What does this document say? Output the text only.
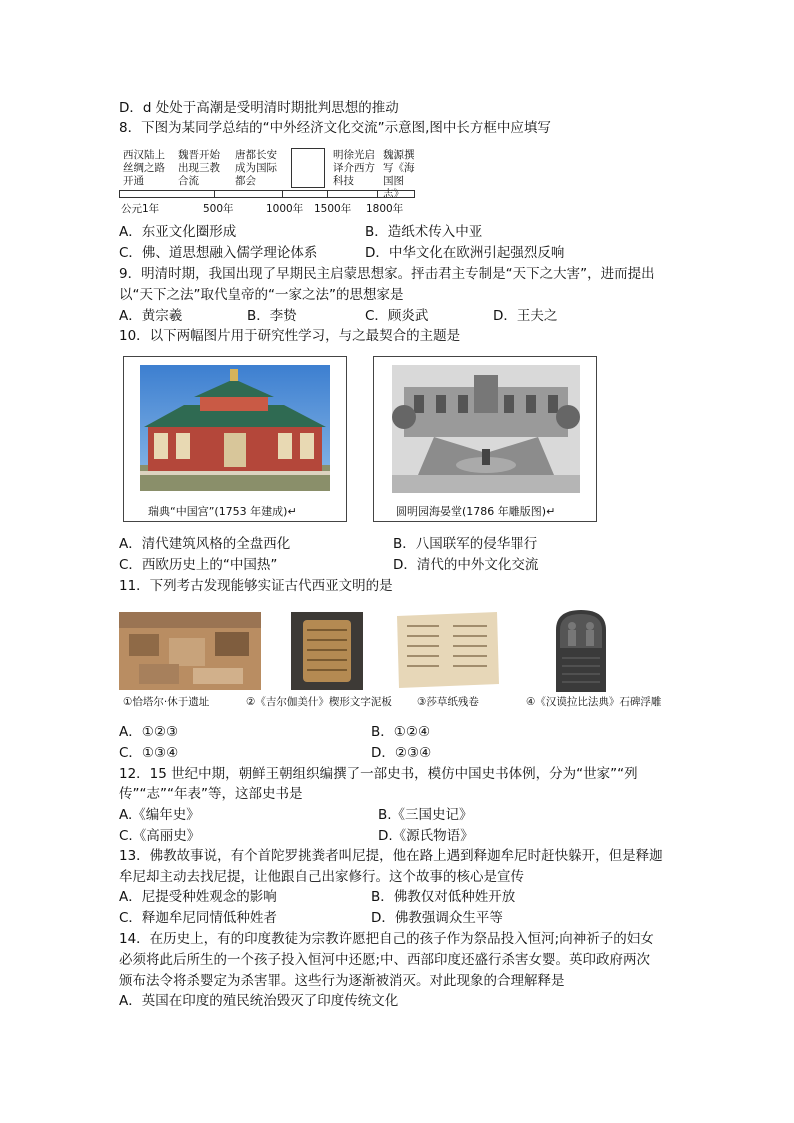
D．d 处处于高潮是受明清时期批判思想的推动
8．下图为某同学总结的“中外经济文化交流”示意图,图中长方框中应填写
西汉陆上
丝绸之路
开通
魏晋开始
出现三教
合流
唐都长安
成为国际
都会
明徐光启
译介西方
科技
魏源撰
写《海
国图志》
公元1年	500年	1000年 1500年 1800年
A．东亚文化圈形成	B．造纸术传入中亚
C．佛、道思想融入儒学理论体系	D．中华文化在欧洲引起强烈反响
9．明清时期，我国出现了早期民主启蒙思想家。抨击君主专制是“天下之大害”，进而提出
以“天下之法”取代皇帝的“一家之法”的思想家是
A．黄宗羲	B．李贽	C．顾炎武	D．王夫之
10．以下两幅图片用于研究性学习，与之最契合的主题是
瑞典“中国宫”(1753 年建成)↵	圆明园海晏堂(1786 年雕版图)↵
A．清代建筑风格的全盘西化	B．八国联军的侵华罪行
C．西欧历史上的“中国热”	D．清代的中外文化交流
11．下列考古发现能够实证古代西亚文明的是
①恰塔尔·休于遗址	②《吉尔伽美什》楔形文字泥板 ③莎草纸残卷	④《汉谟拉比法典》石碑浮雕
A．①②③	B．①②④
C．①③④	D．②③④
12．15 世纪中期，朝鲜王朝组织编撰了一部史书，模仿中国史书体例，分为“世家”“列
传”“志”“年表”等，这部史书是
A.《编年史》	B.《三国史记》
C.《高丽史》	D.《源氏物语》
13．佛教故事说，有个首陀罗挑粪者叫尼提，他在路上遇到释迦牟尼时赶快躲开，但是释迦
牟尼却主动去找尼提，让他跟自己出家修行。这个故事的核心是宣传
A．尼提受种姓观念的影响	B．佛教仅对低种姓开放
C．释迦牟尼同情低种姓者	D．佛教强调众生平等
14．在历史上，有的印度教徒为宗教许愿把自己的孩子作为祭品投入恒河;向神祈子的妇女
必须将此后所生的一个孩子投入恒河中还愿;中、西部印度还盛行杀害女婴。英印政府两次
颁布法令将杀婴定为杀害罪。这些行为逐渐被消灭。对此现象的合理解释是
A．英国在印度的殖民统治毁灭了印度传统文化
